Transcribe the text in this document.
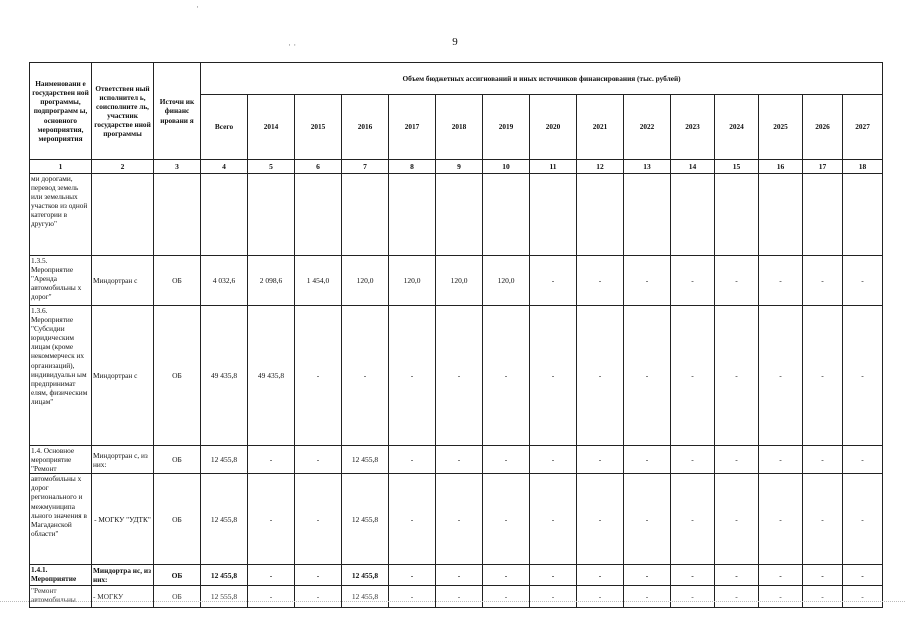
9
·
· ·
Наименовани е государствен ной программы, подпрограмм ы, основного мероприятия, мероприятия	Ответствен ный исполнител ь, соисполните ль, участник государстве нной программы	Источн ик финанс ировани я	Объем бюджетных ассигнований и иных источников финансирования (тыс. рублей)														
			Всего	2014	2015	2016	2017	2018	2019	2020	2021	2022	2023	2024	2025	2026	2027
1	2	3	4	5	6	7	8	9	10	11	12	13	14	15	16	17	18
ми дорогами, перевод земель или земельных участков из одной категории в другую"																	
1.3.5. Мероприятие "Аренда автомобильны х дорог"	Миндортран с	ОБ	4 032,6	2 098,6	1 454,0	120,0	120,0	120,0	120,0	-	-	-	-	-	-	-	-
1.3.6. Мероприятие "Субсидии юридическим лицам (кроме некоммерческ их организаций), индивидуальн ым предпринимат елям, физическим лицам"	Миндортран с	ОБ	49 435,8	49 435,8	-	-	-	-	-	-	-	-	-	-	-	-	-
1.4. Основное мероприятие "Ремонт	Миндортран с, из них:	ОБ	12 455,8	-	-	12 455,8	-	-	-	-	-	-	-	-	-	-	-
автомобильны х дорог регионального и межмуниципа льного значения в Магаданской области"	- МОГКУ "УДТК"	ОБ	12 455,8	-	-	12 455,8	-	-	-	-	-	-	-	-	-	-	-
1.4.1. Мероприятие	Миндортра нс, из них:	ОБ	12 455,8	-	-	12 455,8	-	-	-	-	-	-	-	-	-	-	-
"Ремонт автомобильны	- МОГКУ	ОБ	12 555,8	-	-	12 455,8	-	-	-	-	-	-	-	-	-	-	-
